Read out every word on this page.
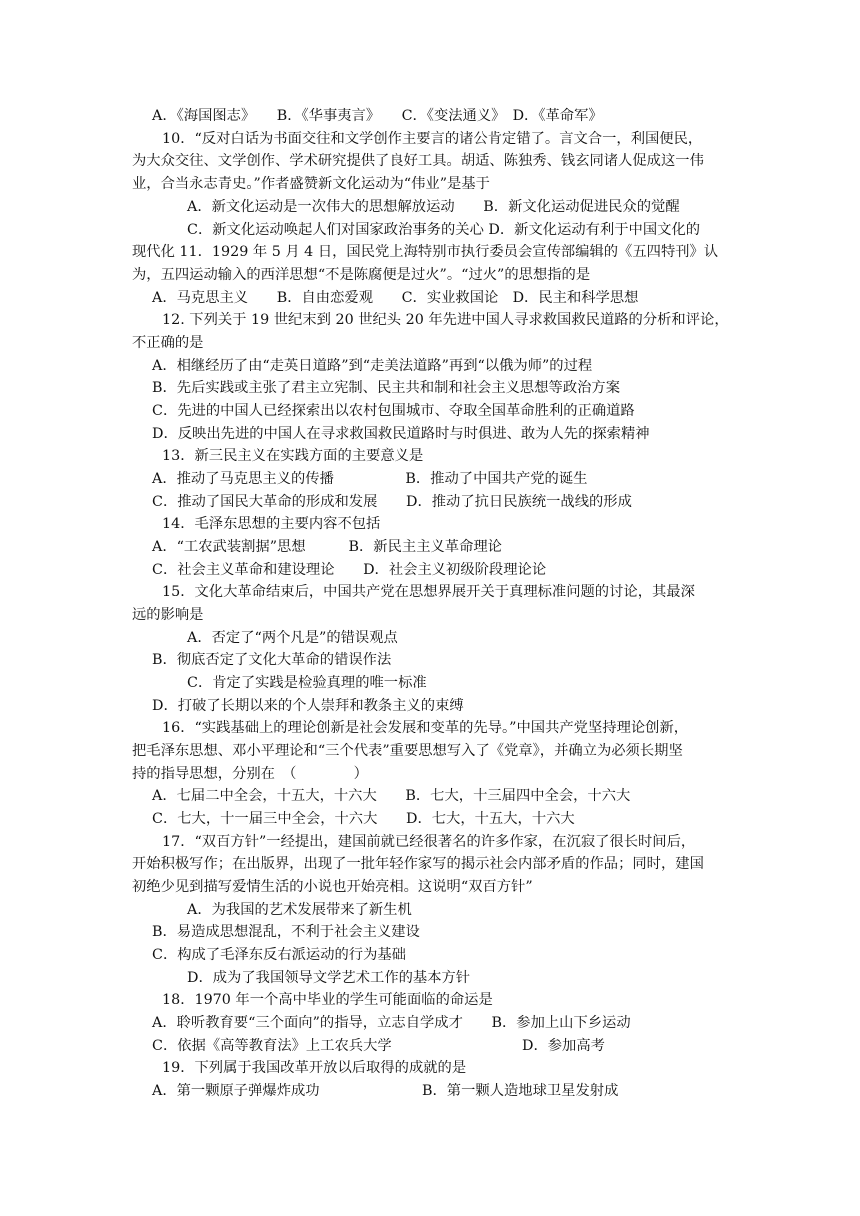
A．《海国图志》　　B．《华事夷言》　　C．《变法通义》　D．《革命军》
10．“反对白话为书面交往和文学创作主要言的诸公肯定错了。言文合一，利国便民，
为大众交往、文学创作、学术研究提供了良好工具。胡适、陈独秀、钱玄同诸人促成这一伟
业，合当永志青史。”作者盛赞新文化运动为“伟业”是基于
A．新文化运动是一次伟大的思想解放运动　　B．新文化运动促进民众的觉醒
C．新文化运动唤起人们对国家政治事务的关心 D．新文化运动有利于中国文化的
现代化 11．1929 年 5 月 4 日，国民党上海特别市执行委员会宣传部编辑的《五四特刊》认
为，五四运动输入的西洋思想“不是陈腐便是过火”。“过火”的思想指的是
A．马克思主义　　B．自由恋爱观　　C．实业救国论　D．民主和科学思想
12. 下列关于 19 世纪末到 20 世纪头 20 年先进中国人寻求救国救民道路的分析和评论，
不正确的是
A．相继经历了由“走英日道路”到“走美法道路”再到“以俄为师”的过程
B．先后实践或主张了君主立宪制、民主共和制和社会主义思想等政治方案
C．先进的中国人已经探索出以农村包围城市、夺取全国革命胜利的正确道路
D．反映出先进的中国人在寻求救国救民道路时与时俱进、敢为人先的探索精神
13．新三民主义在实践方面的主要意义是
A．推动了马克思主义的传播　　　　　B．推动了中国共产党的诞生
C．推动了国民大革命的形成和发展　　D．推动了抗日民族统一战线的形成
14．毛泽东思想的主要内容不包括
A．“工农武装割据”思想　　　B．新民主主义革命理论
C．社会主义革命和建设理论　　D．社会主义初级阶段理论论
15．文化大革命结束后，中国共产党在思想界展开关于真理标准问题的讨论，其最深
远的影响是
A．否定了“两个凡是”的错误观点
B．彻底否定了文化大革命的错误作法
C．肯定了实践是检验真理的唯一标准
D．打破了长期以来的个人崇拜和教条主义的束缚
16．“实践基础上的理论创新是社会发展和变革的先导。”中国共产党坚持理论创新，
把毛泽东思想、邓小平理论和“三个代表”重要思想写入了《党章》，并确立为必须长期坚
持的指导思想，分别在　（　　　　）
A．七届二中全会，十五大，十六大　　B．七大，十三届四中全会，十六大
C．七大，十一届三中全会，十六大　　D．七大，十五大，十六大
17．“双百方针”一经提出，建国前就已经很著名的许多作家，在沉寂了很长时间后，
开始积极写作；在出版界，出现了一批年轻作家写的揭示社会内部矛盾的作品；同时，建国
初绝少见到描写爱情生活的小说也开始亮相。这说明“双百方针”
A．为我国的艺术发展带来了新生机
B．易造成思想混乱，不利于社会主义建设
C．构成了毛泽东反右派运动的行为基础
D．成为了我国领导文学艺术工作的基本方针
18．1970 年一个高中毕业的学生可能面临的命运是
A．聆听教育要“三个面向”的指导，立志自学成才　　B．参加上山下乡运动
C．依据《高等教育法》上工农兵大学	D．参加高考
19．下列属于我国改革开放以后取得的成就的是
A．第一颗原子弹爆炸成功	B．第一颗人造地球卫星发射成
